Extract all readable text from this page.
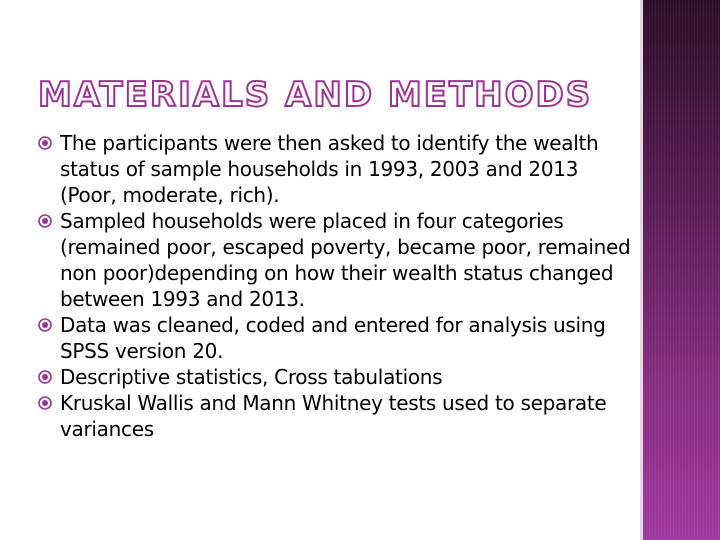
MATERIALS AND METHODS
The participants were then asked to identify the wealth status of sample households in 1993, 2003 and 2013 (Poor, moderate, rich).
Sampled households were placed in four categories (remained poor, escaped poverty, became poor, remained non poor)depending on how their wealth status changed between 1993 and 2013.
Data was cleaned, coded and entered for analysis using SPSS version 20.
Descriptive statistics, Cross tabulations
Kruskal Wallis and Mann Whitney tests used to separate variances
